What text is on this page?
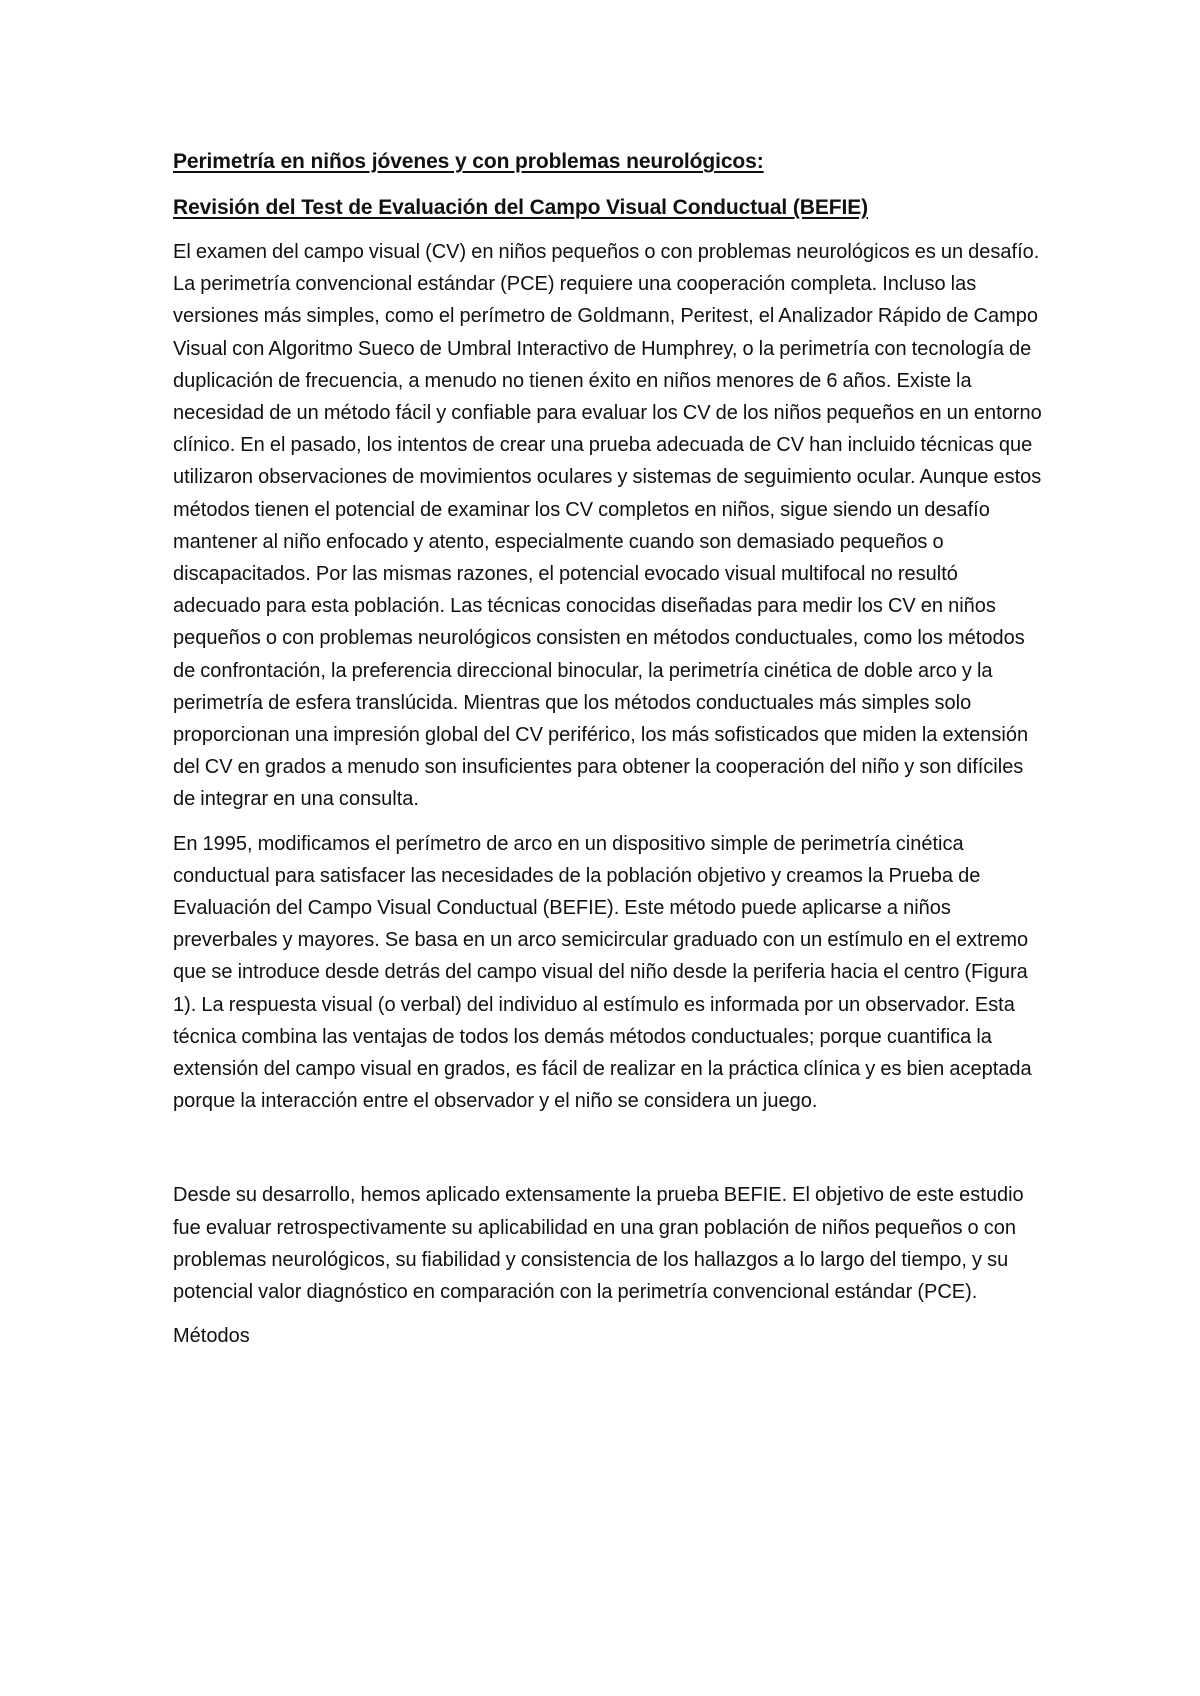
Perimetría en niños jóvenes y con problemas neurológicos:

Revisión del Test de Evaluación del Campo Visual Conductual (BEFIE)

El examen del campo visual (CV) en niños pequeños o con problemas neurológicos es un desafío. La perimetría convencional estándar (PCE) requiere una cooperación completa. Incluso las versiones más simples, como el perímetro de Goldmann, Peritest, el Analizador Rápido de Campo Visual con Algoritmo Sueco de Umbral Interactivo de Humphrey, o la perimetría con tecnología de duplicación de frecuencia, a menudo no tienen éxito en niños menores de 6 años. Existe la necesidad de un método fácil y confiable para evaluar los CV de los niños pequeños en un entorno clínico. En el pasado, los intentos de crear una prueba adecuada de CV han incluido técnicas que utilizaron observaciones de movimientos oculares y sistemas de seguimiento ocular. Aunque estos métodos tienen el potencial de examinar los CV completos en niños, sigue siendo un desafío mantener al niño enfocado y atento, especialmente cuando son demasiado pequeños o discapacitados. Por las mismas razones, el potencial evocado visual multifocal no resultó adecuado para esta población. Las técnicas conocidas diseñadas para medir los CV en niños pequeños o con problemas neurológicos consisten en métodos conductuales, como los métodos de confrontación, la preferencia direccional binocular, la perimetría cinética de doble arco y la perimetría de esfera translúcida. Mientras que los métodos conductuales más simples solo proporcionan una impresión global del CV periférico, los más sofisticados que miden la extensión del CV en grados a menudo son insuficientes para obtener la cooperación del niño y son difíciles de integrar en una consulta.

En 1995, modificamos el perímetro de arco en un dispositivo simple de perimetría cinética conductual para satisfacer las necesidades de la población objetivo y creamos la Prueba de Evaluación del Campo Visual Conductual (BEFIE). Este método puede aplicarse a niños preverbales y mayores. Se basa en un arco semicircular graduado con un estímulo en el extremo que se introduce desde detrás del campo visual del niño desde la periferia hacia el centro (Figura 1). La respuesta visual (o verbal) del individuo al estímulo es informada por un observador. Esta técnica combina las ventajas de todos los demás métodos conductuales; porque cuantifica la extensión del campo visual en grados, es fácil de realizar en la práctica clínica y es bien aceptada porque la interacción entre el observador y el niño se considera un juego.

Desde su desarrollo, hemos aplicado extensamente la prueba BEFIE. El objetivo de este estudio fue evaluar retrospectivamente su aplicabilidad en una gran población de niños pequeños o con problemas neurológicos, su fiabilidad y consistencia de los hallazgos a lo largo del tiempo, y su potencial valor diagnóstico en comparación con la perimetría convencional estándar (PCE).

Métodos
